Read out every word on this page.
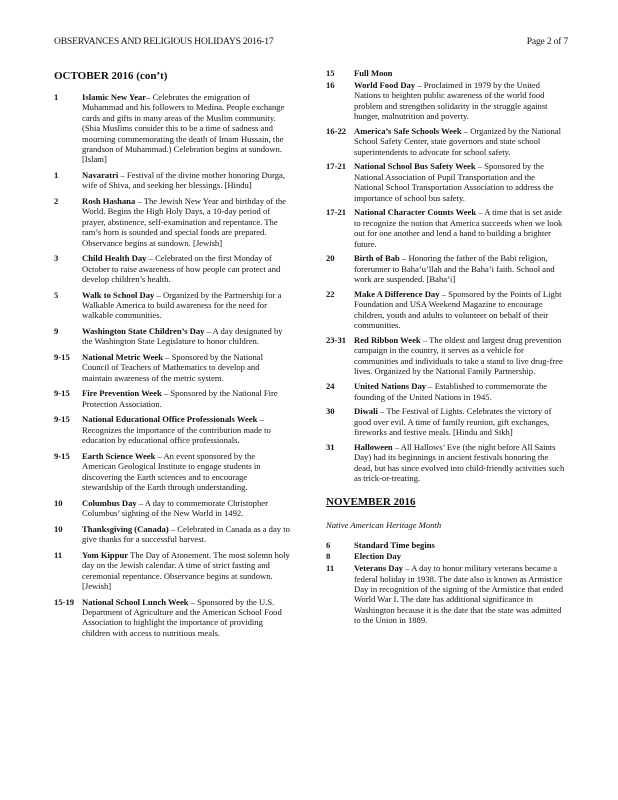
OBSERVANCES AND RELIGIOUS HOLIDAYS 2016-17	Page 2 of 7
OCTOBER 2016 (con’t)
1	Islamic New Year– Celebrates the emigration of Muhammad and his followers to Medina. People exchange cards and gifts in many areas of the Muslim community. (Shia Muslims consider this to be a time of sadness and mourning commemorating the death of Imam Hussain, the grandson of Muhammad.) Celebration begins at sundown. [Islam]
1	Navaratri – Festival of the divine mother honoring Durga, wife of Shiva, and seeking her blessings. [Hindu]
2	Rosh Hashana – The Jewish New Year and birthday of the World. Begins the High Holy Days, a 10-day period of prayer, abstinence, self-examination and repentance. The ram’s horn is sounded and special foods are prepared. Observance begins at sundown. [Jewish]
3	Child Health Day – Celebrated on the first Monday of October to raise awareness of how people can protect and develop children’s health.
5	Walk to School Day – Organized by the Partnership for a Walkable America to build awareness for the need for walkable communities.
9	Washington State Children’s Day – A day designated by the Washington State Legislature to honor children.
9-15 National Metric Week – Sponsored by the National Council of Teachers of Mathematics to develop and maintain awareness of the metric system.
9-15 Fire Prevention Week – Sponsored by the National Fire Protection Association.
9-15 National Educational Office Professionals Week – Recognizes the importance of the contribution made to education by educational office professionals.
9-15 Earth Science Week – An event sponsored by the American Geological Institute to engage students in discovering the Earth sciences and to encourage stewardship of the Earth through understanding.
10 Columbus Day – A day to commemorate Christopher Columbus’ sighting of the New World in 1492.
10 Thanksgiving (Canada) – Celebrated in Canada as a day to give thanks for a successful harvest.
11 Yom Kippur The Day of Atonement. The most solemn holy day on the Jewish calendar. A time of strict fasting and ceremonial repentance. Observance begins at sundown. [Jewish]
15-19 National School Lunch Week – Sponsored by the U.S. Department of Agriculture and the American School Food Association to highlight the importance of providing children with access to nutritious meals.
15 Full Moon
16 World Food Day – Proclaimed in 1979 by the United Nations to heighten public awareness of the world food problem and strengthen solidarity in the struggle against hunger, malnutrition and poverty.
16-22 America’s Safe Schools Week – Organized by the National School Safety Center, state governors and state school superintendents to advocate for school safety.
17-21 National School Bus Safety Week – Sponsored by the National Association of Pupil Transportation and the National School Transportation Association to address the importance of school bus safety.
17-21 National Character Counts Week – A time that is set aside to recognize the notion that America succeeds when we look out for one another and lend a hand to building a brighter future.
20 Birth of Bab – Honoring the father of the Babi religion, forerunner to Baha’u’llah and the Baha’i faith. School and work are suspended. [Baha’i]
22 Make A Difference Day – Sponsored by the Points of Light Foundation and USA Weekend Magazine to encourage children, youth and adults to volunteer on behalf of their communities.
23-31 Red Ribbon Week – The oldest and largest drug prevention campaign in the country, it serves as a vehicle for communities and individuals to take a stand to live drug-free lives. Organized by the National Family Partnership.
24 United Nations Day – Established to commemorate the founding of the United Nations in 1945.
30 Diwali – The Festival of Lights. Celebrates the victory of good over evil. A time of family reunion, gift exchanges, fireworks and festive meals. [Hindu and Sikh]
31 Halloween – All Hallows’ Eve (the night before All Saints Day) had its beginnings in ancient festivals honoring the dead, but has since evolved into child-friendly activities such as trick-or-treating.
NOVEMBER 2016
Native American Heritage Month
6	Standard Time begins
8	Election Day
11 Veterans Day – A day to honor military veterans became a federal holiday in 1938. The date also is known as Armistice Day in recognition of the signing of the Armistice that ended World War I. The date has additional significance in Washington because it is the date that the state was admitted to the Union in 1889.
